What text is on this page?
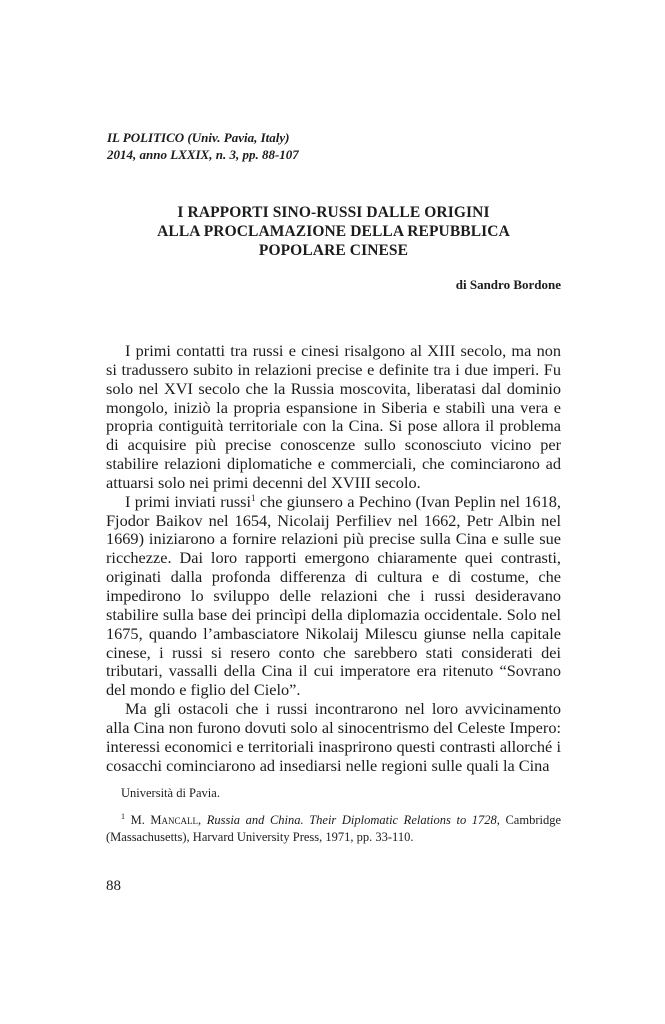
IL POLITICO (Univ. Pavia, Italy)
2014, anno LXXIX, n. 3, pp. 88-107
I RAPPORTI SINO-RUSSI DALLE ORIGINI
ALLA PROCLAMAZIONE DELLA REPUBBLICA
POPOLARE CINESE
di Sandro Bordone

I primi contatti tra russi e cinesi risalgono al XIII secolo, ma non si tradussero subito in relazioni precise e definite tra i due imperi. Fu solo nel XVI secolo che la Russia moscovita, liberatasi dal dominio mongolo, iniziò la propria espansione in Siberia e stabilì una vera e propria contiguità territoriale con la Cina. Si pose allora il problema di acquisire più precise conoscenze sullo sconosciuto vicino per stabilire relazioni diplomatiche e commerciali, che cominciarono ad attuarsi solo nei primi decenni del XVIII secolo.

I primi inviati russi$^1$ che giunsero a Pechino (Ivan Peplin nel 1618, Fjodor Baikov nel 1654, Nicolaij Perfiliev nel 1662, Petr Albin nel 1669) iniziarono a fornire relazioni più precise sulla Cina e sulle sue ricchezze. Dai loro rapporti emergono chiaramente quei contrasti, originati dalla profonda differenza di cultura e di costume, che impedirono lo sviluppo delle relazioni che i russi desideravano stabilire sulla base dei princìpi della diplomazia occidentale. Solo nel 1675, quando l’ambasciatore Nikolaij Milescu giunse nella capitale cinese, i russi si resero conto che sarebbero stati considerati dei tributari, vassalli della Cina il cui imperatore era ritenuto “Sovrano del mondo e figlio del Cielo”.

Ma gli ostacoli che i russi incontrarono nel loro avvicinamento alla Cina non furono dovuti solo al sinocentrismo del Celeste Impero: interessi economici e territoriali inasprirono questi contrasti allorché i cosacchi cominciarono ad insediarsi nelle regioni sulle quali la Cina

Università di Pavia.
$^1$ M. Mancall, Russia and China. Their Diplomatic Relations to 1728, Cambridge (Massachusetts), Harvard University Press, 1971, pp. 33-110.
88
